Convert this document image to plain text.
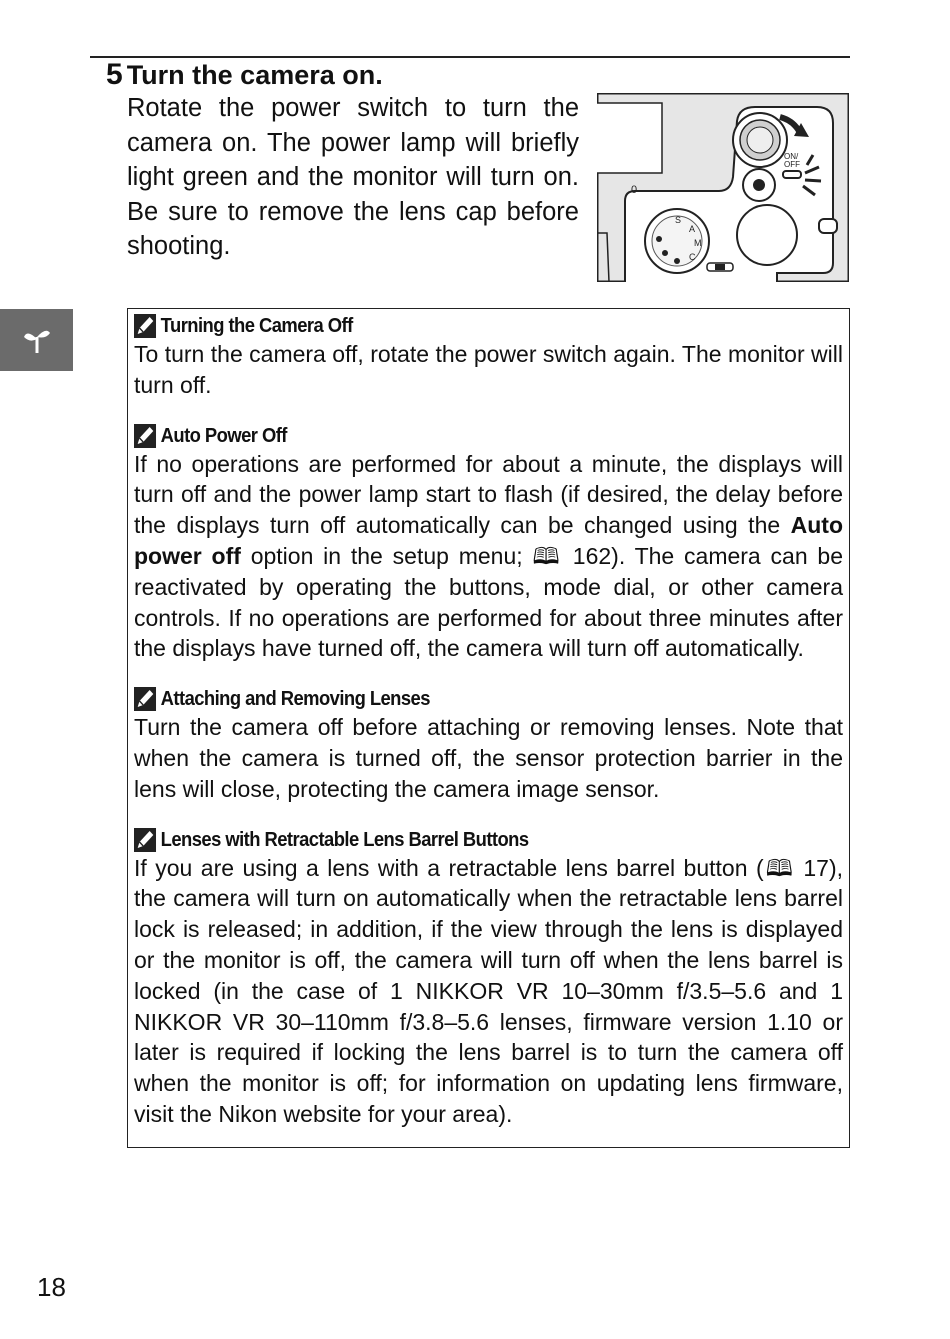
5 Turn the camera on.

Rotate the power switch to turn the camera on. The power lamp will briefly light green and the monitor will turn on. Be sure to remove the lens cap before shooting.

ON/
OFF
0
S
A
M
C
Turning the Camera Off

To turn the camera off, rotate the power switch again. The monitor will turn off.

Auto Power Off

If no operations are performed for about a minute, the displays will turn off and the power lamp start to flash (if desired, the delay before the displays turn off automatically can be changed using the Auto power off option in the setup menu; 🕮 162). The camera can be reactivated by operating the buttons, mode dial, or other camera controls. If no operations are performed for about three minutes after the displays have turned off, the camera will turn off automatically.

Attaching and Removing Lenses

Turn the camera off before attaching or removing lenses. Note that when the camera is turned off, the sensor protection barrier in the lens will close, protecting the camera image sensor.

Lenses with Retractable Lens Barrel Buttons

If you are using a lens with a retractable lens barrel button (🕮 17), the camera will turn on automatically when the retractable lens barrel lock is released; in addition, if the view through the lens is displayed or the monitor is off, the camera will turn off when the lens barrel is locked (in the case of 1 NIKKOR VR 10–30mm f/3.5–5.6 and 1 NIKKOR VR 30–110mm f/3.8–5.6 lenses, firmware version 1.10 or later is required if locking the lens barrel is to turn the camera off when the monitor is off; for information on updating lens firmware, visit the Nikon website for your area).

18
